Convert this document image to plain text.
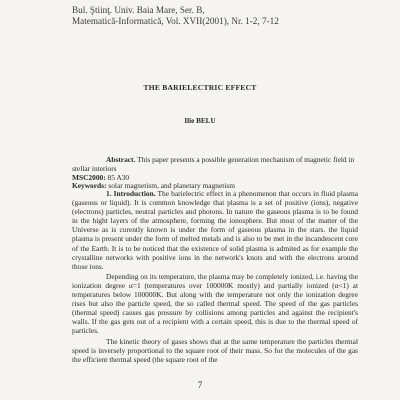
Bul. Ştiinţ. Univ. Baia Mare, Ser. B,
Matematică-Informatică, Vol. XVII(2001), Nr. 1-2, 7-12
THE BARIELECTRIC EFFECT
Ilie BELU
Abstract. This paper presents a possible generation mechanism of magnetic field in stellar interiors
MSC2000: 85 A30
Keywords: solar magnetism, and planetary magnetism

1. Introduction. The barielectric effect in a phenomenon that occurs in fluid plasma (gaseous or liquid). It is common knowledge that plasma is a set of positive (ions), negative (electrons) particles, neutral particles and photons. In nature the gaseous plasma is to be found in the hight layers of the atmosphere, forming the ionosphere. But most of the matter of the Universe as is curently known is under the form of gaseous plasma in the stars. the liquid plasma is present under the form of melted metals and is also to be met in the incandescent core of the Earth. It is to be noticed that the existence of solid plasma is admited as for example the crystalline networks with positive ions in the network's knots and with the electrons around those ions.

Depending on its temperature, the plasma may be completely ionized, i.e. having the ionization degree α=1 (temperatures over 100000K mostly) and partially ionized (α<1) at temperatures below 100000K. But along with the temperature not only the ionization degree rises but also the particle speed, the so called thermal speed. The speed of the gas particles (thermal speed) causes gas pressure by collisions among particles and against the recipient's walls. If the gas gets out of a recipient with a certain speed, this is due to the thermal speed of particles.

The kinetic theory of gases shows that at the same temperature the particles thermal speed is inversely proportional to the square root of their mass. So for the molecules of the gas the efficient thermal speed (the square root of the

7
